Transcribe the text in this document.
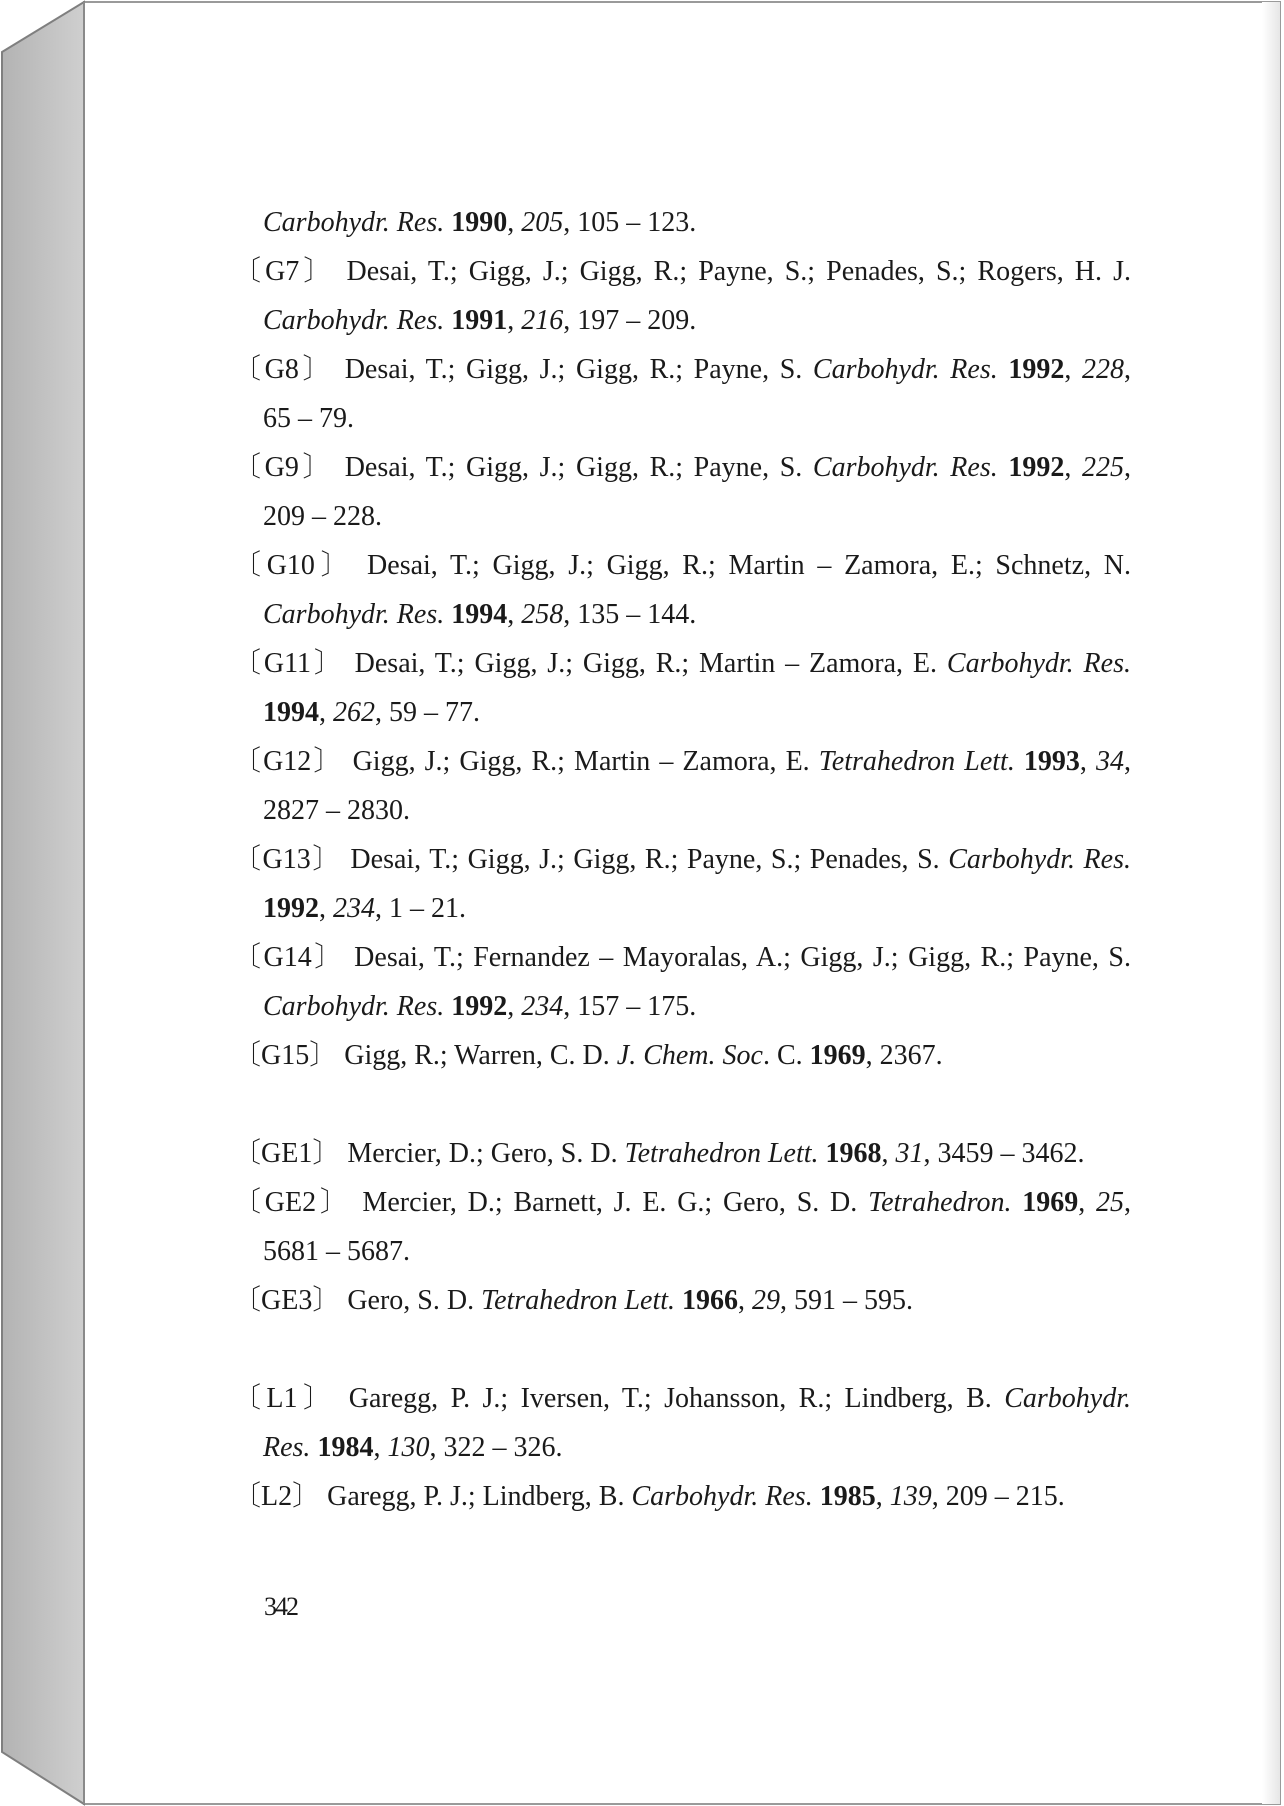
Carbohydr. Res. 1990, 205, 105 – 123.
〔G7〕 Desai, T.; Gigg, J.; Gigg, R.; Payne, S.; Penades, S.; Rogers, H. J.
Carbohydr. Res. 1991, 216, 197 – 209.
〔G8〕 Desai, T.; Gigg, J.; Gigg, R.; Payne, S. Carbohydr. Res. 1992, 228,
65 – 79.
〔G9〕 Desai, T.; Gigg, J.; Gigg, R.; Payne, S. Carbohydr. Res. 1992, 225,
209 – 228.
〔G10〕 Desai, T.; Gigg, J.; Gigg, R.; Martin – Zamora, E.; Schnetz, N.
Carbohydr. Res. 1994, 258, 135 – 144.
〔G11〕 Desai, T.; Gigg, J.; Gigg, R.; Martin – Zamora, E. Carbohydr. Res.
1994, 262, 59 – 77.
〔G12〕 Gigg, J.; Gigg, R.; Martin – Zamora, E. Tetrahedron Lett. 1993, 34,
2827 – 2830.
〔G13〕 Desai, T.; Gigg, J.; Gigg, R.; Payne, S.; Penades, S. Carbohydr. Res.
1992, 234, 1 – 21.
〔G14〕 Desai, T.; Fernandez – Mayoralas, A.; Gigg, J.; Gigg, R.; Payne, S.
Carbohydr. Res. 1992, 234, 157 – 175.
〔G15〕 Gigg, R.; Warren, C. D. J. Chem. Soc. C. 1969, 2367.
〔GE1〕 Mercier, D.; Gero, S. D. Tetrahedron Lett. 1968, 31, 3459 – 3462.
〔GE2〕 Mercier, D.; Barnett, J. E. G.; Gero, S. D. Tetrahedron. 1969, 25,
5681 – 5687.
〔GE3〕 Gero, S. D. Tetrahedron Lett. 1966, 29, 591 – 595.
〔L1〕 Garegg, P. J.; Iversen, T.; Johansson, R.; Lindberg, B. Carbohydr.
Res. 1984, 130, 322 – 326.
〔L2〕 Garegg, P. J.; Lindberg, B. Carbohydr. Res. 1985, 139, 209 – 215.
342
